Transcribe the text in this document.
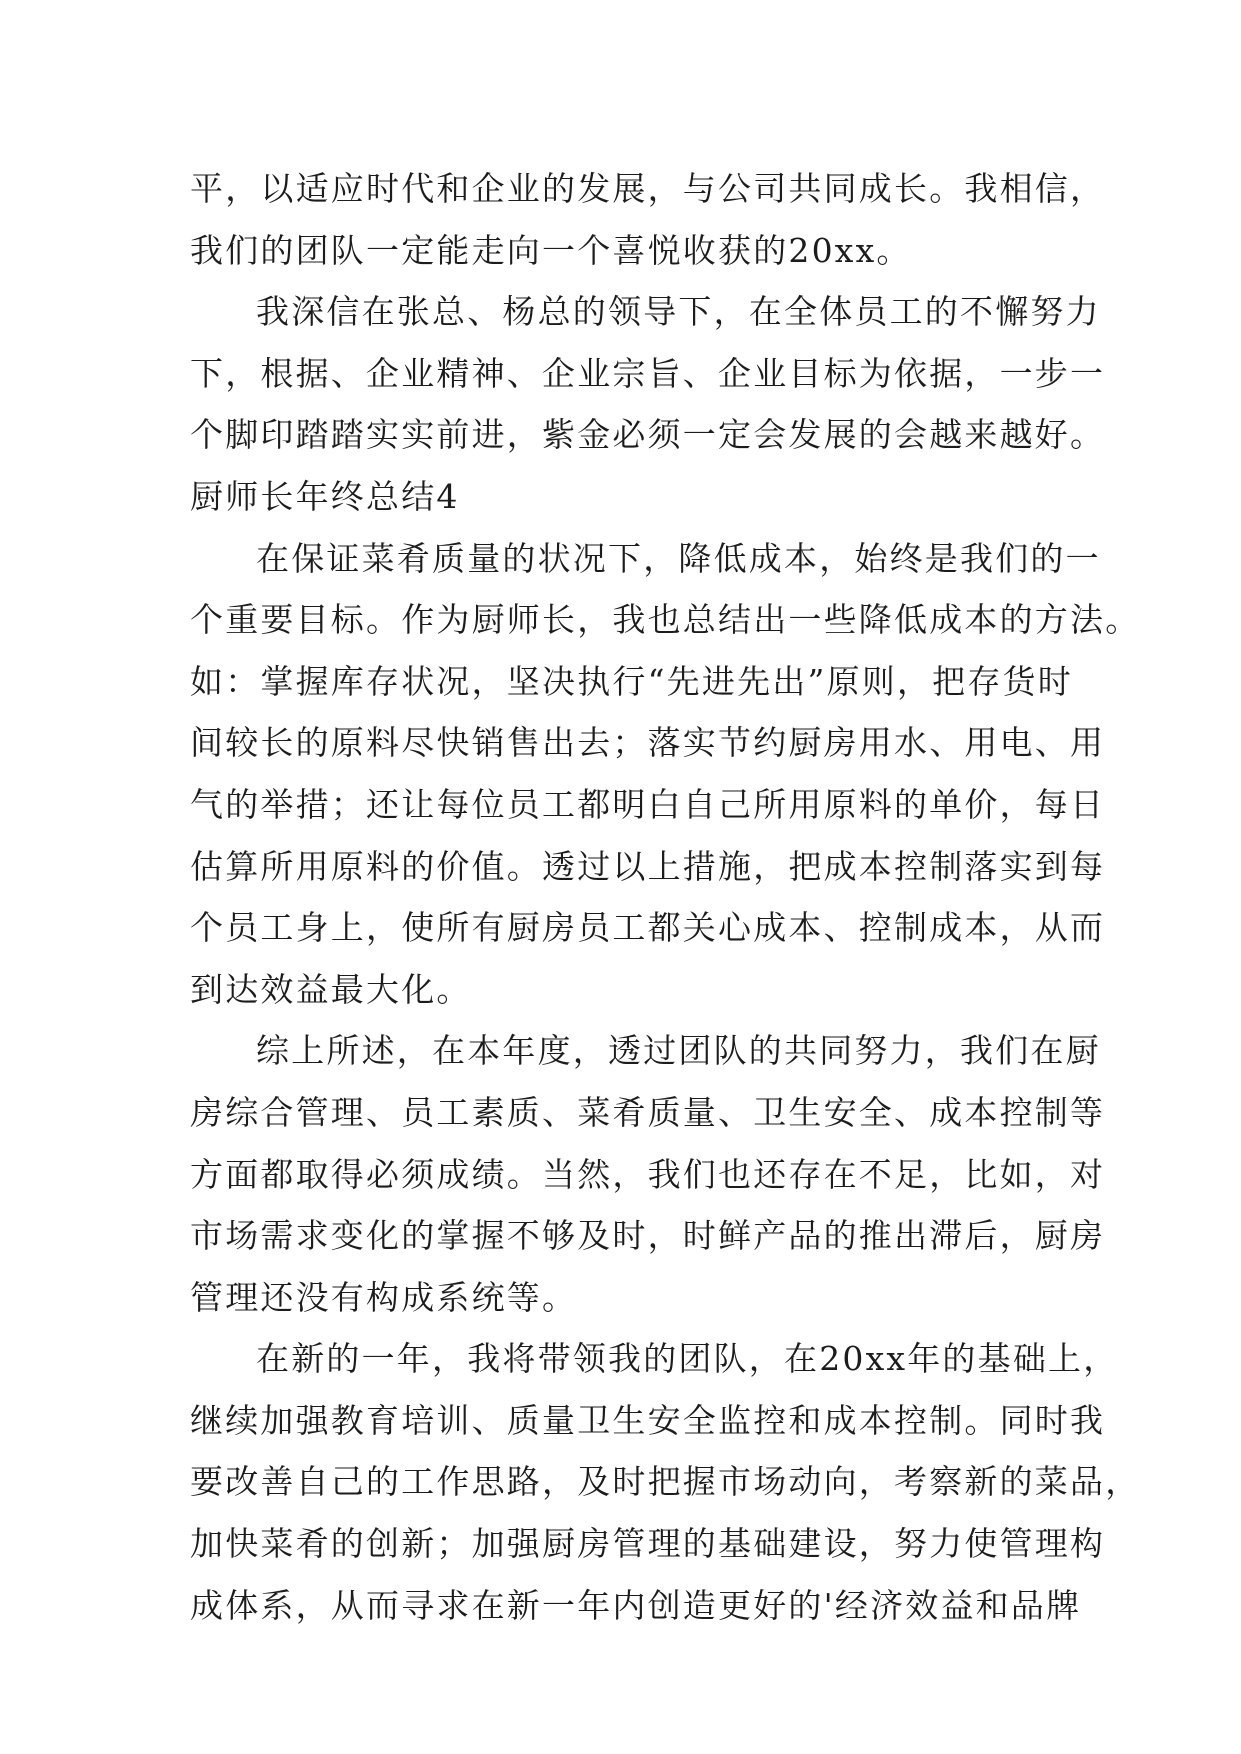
平，以适应时代和企业的发展，与公司共同成长。我相信，
我们的团队一定能走向一个喜悦收获的20xx。
我深信在张总、杨总的领导下，在全体员工的不懈努力
下，根据、企业精神、企业宗旨、企业目标为依据，一步一
个脚印踏踏实实前进，紫金必须一定会发展的会越来越好。
厨师长年终总结4
在保证菜肴质量的状况下，降低成本，始终是我们的一
个重要目标。作为厨师长，我也总结出一些降低成本的方法。
如：掌握库存状况，坚决执行“先进先出”原则，把存货时
间较长的原料尽快销售出去；落实节约厨房用水、用电、用
气的举措；还让每位员工都明白自己所用原料的单价，每日
估算所用原料的价值。透过以上措施，把成本控制落实到每
个员工身上，使所有厨房员工都关心成本、控制成本，从而
到达效益最大化。
综上所述，在本年度，透过团队的共同努力，我们在厨
房综合管理、员工素质、菜肴质量、卫生安全、成本控制等
方面都取得必须成绩。当然，我们也还存在不足，比如，对
市场需求变化的掌握不够及时，时鲜产品的推出滞后，厨房
管理还没有构成系统等。
在新的一年，我将带领我的团队，在20xx年的基础上，
继续加强教育培训、质量卫生安全监控和成本控制。同时我
要改善自己的工作思路，及时把握市场动向，考察新的菜品，
加快菜肴的创新；加强厨房管理的基础建设，努力使管理构
成体系，从而寻求在新一年内创造更好的'经济效益和品牌
